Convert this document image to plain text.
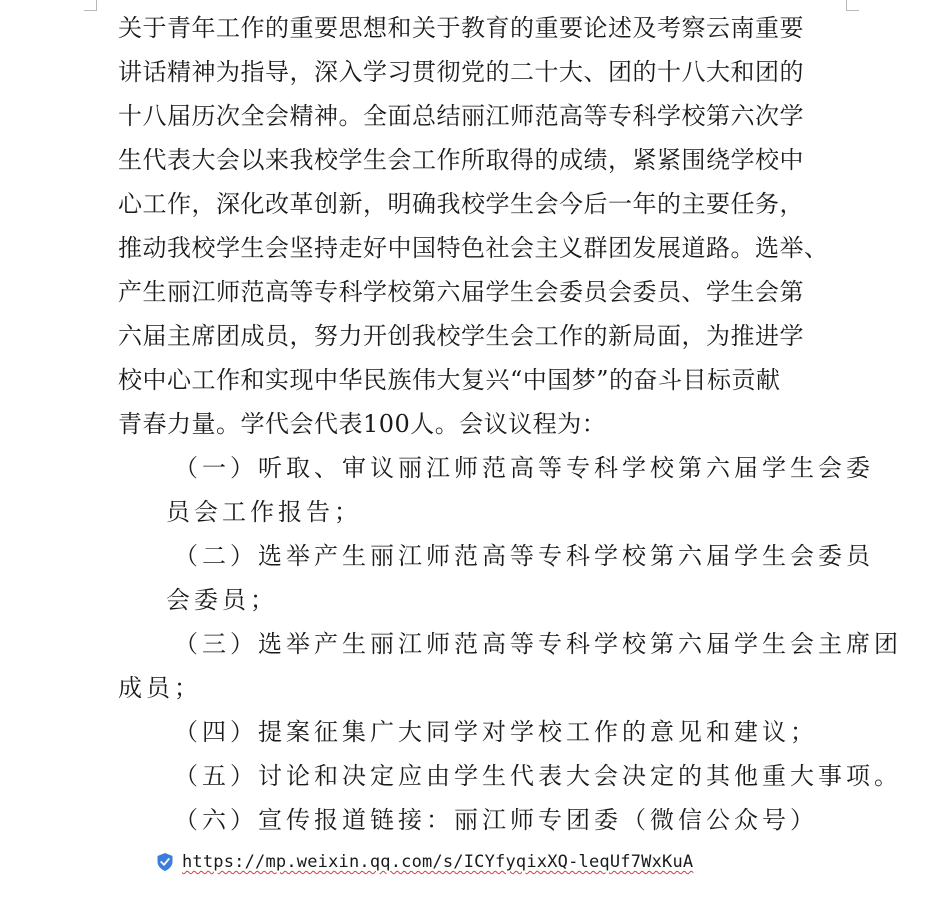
关于青年工作的重要思想和关于教育的重要论述及考察云南重要
讲话精神为指导，深入学习贯彻党的二十大、团的十八大和团的
十八届历次全会精神。全面总结丽江师范高等专科学校第六次学
生代表大会以来我校学生会工作所取得的成绩，紧紧围绕学校中
心工作，深化改革创新，明确我校学生会今后一年的主要任务，
推动我校学生会坚持走好中国特色社会主义群团发展道路。选举、
产生丽江师范高等专科学校第六届学生会委员会委员、学生会第
六届主席团成员，努力开创我校学生会工作的新局面，为推进学
校中心工作和实现中华民族伟大复兴“中国梦”的奋斗目标贡献
青春力量。学代会代表100人。会议议程为：
（一）听取、审议丽江师范高等专科学校第六届学生会委
员会工作报告；
（二）选举产生丽江师范高等专科学校第六届学生会委员
会委员；
（三）选举产生丽江师范高等专科学校第六届学生会主席团
成员；
（四）提案征集广大同学对学校工作的意见和建议；
（五）讨论和决定应由学生代表大会决定的其他重大事项。
（六）宣传报道链接：丽江师专团委（微信公众号）
https://mp.weixin.qq.com/s/ICYfyqixXQ-leqUf7WxKuA
